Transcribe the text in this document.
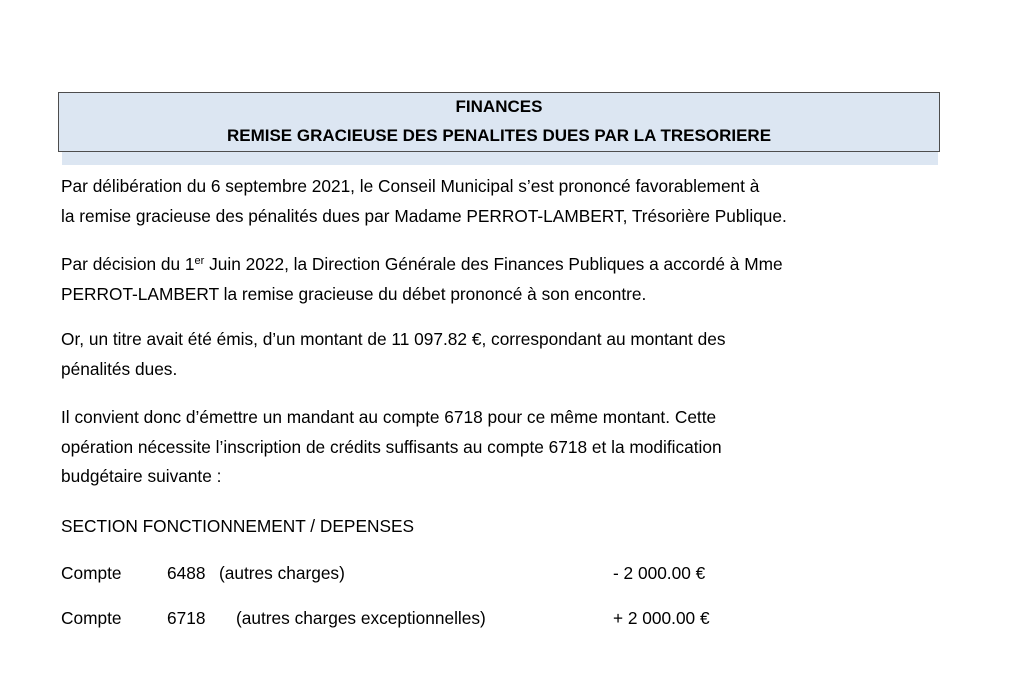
FINANCES
REMISE GRACIEUSE DES PENALITES DUES PAR LA TRESORIERE

Par délibération du 6 septembre 2021, le Conseil Municipal s’est prononcé favorablement à
la remise gracieuse des pénalités dues par Madame PERROT-LAMBERT, Trésorière Publique.

Par décision du 1er Juin 2022, la Direction Générale des Finances Publiques a accordé à Mme
PERROT-LAMBERT la remise gracieuse du débet prononcé à son encontre.

Or, un titre avait été émis, d’un montant de 11 097.82 €, correspondant au montant des
pénalités dues.

Il convient donc d’émettre un mandant au compte 6718 pour ce même montant. Cette
opération nécessite l’inscription de crédits suffisants au compte 6718 et la modification
budgétaire suivante :

SECTION FONCTIONNEMENT / DEPENSES
Compte	6488 (autres charges)	- 2 000.00 €
Compte	6718 (autres charges exceptionnelles)	+ 2 000.00 €
